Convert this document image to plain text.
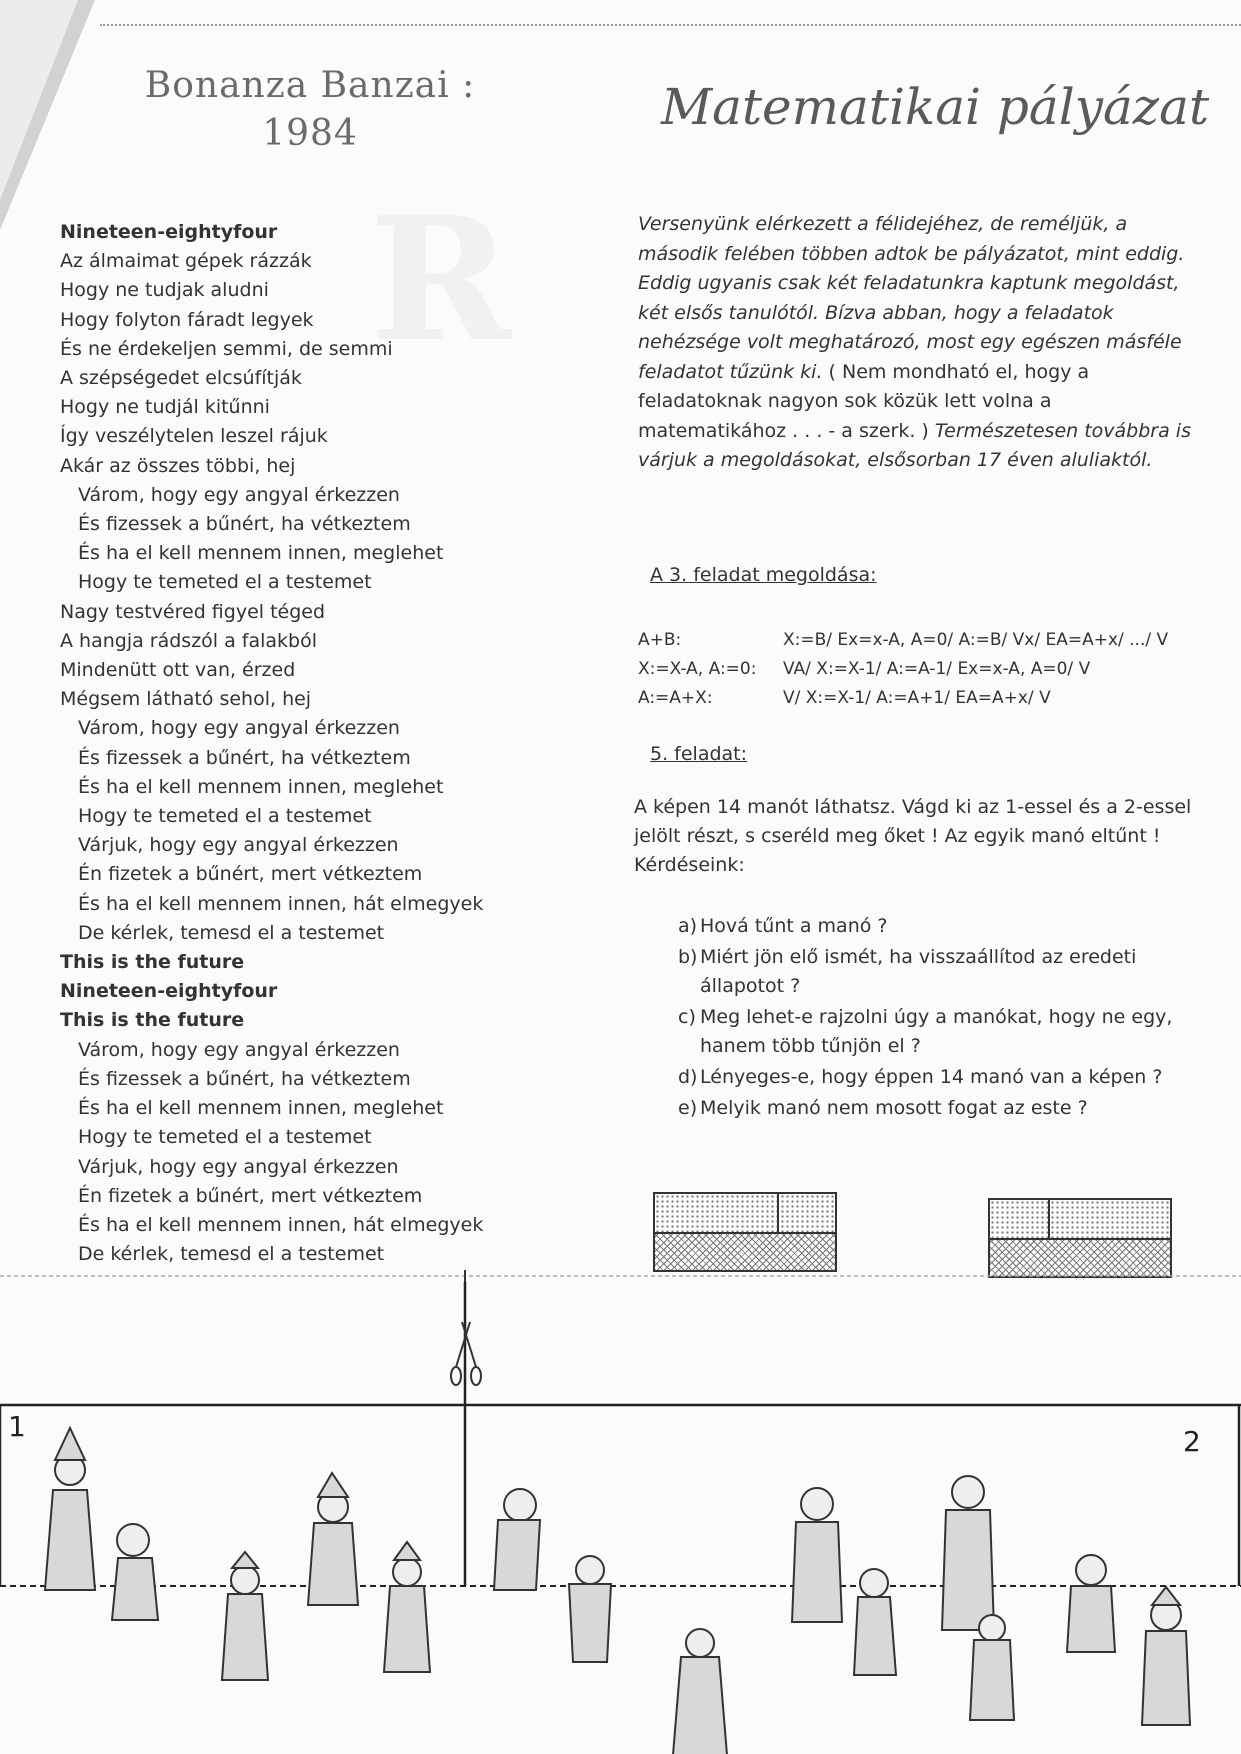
R
Bonanza Banzai :
1984	Matematikai pályázat
Nineteen-eightyfour
Az álmaimat gépek rázzák
Hogy ne tudjak aludni
Hogy folyton fáradt legyek
És ne érdekeljen semmi, de semmi
A szépségedet elcsúfítják
Hogy ne tudjál kitűnni
Így veszélytelen leszel rájuk
Akár az összes többi, hej
Várom, hogy egy angyal érkezzen
És fizessek a bűnért, ha vétkeztem
És ha el kell mennem innen, meglehet
Hogy te temeted el a testemet
Nagy testvéred figyel téged
A hangja rádszól a falakból
Mindenütt ott van, érzed
Mégsem látható sehol, hej
Várom, hogy egy angyal érkezzen
És fizessek a bűnért, ha vétkeztem
És ha el kell mennem innen, meglehet
Hogy te temeted el a testemet
Várjuk, hogy egy angyal érkezzen
Én fizetek a bűnért, mert vétkeztem
És ha el kell mennem innen, hát elmegyek
De kérlek, temesd el a testemet
This is the future
Nineteen-eightyfour
This is the future
Várom, hogy egy angyal érkezzen
És fizessek a bűnért, ha vétkeztem
És ha el kell mennem innen, meglehet
Hogy te temeted el a testemet
Várjuk, hogy egy angyal érkezzen
Én fizetek a bűnért, mert vétkeztem
És ha el kell mennem innen, hát elmegyek
De kérlek, temesd el a testemet

Versenyünk elérkezett a félidejéhez, de reméljük, a második felében többen adtok be pályázatot, mint eddig. Eddig ugyanis csak két feladatunkra kaptunk megoldást, két elsős tanulótól. Bízva abban, hogy a feladatok nehézsége volt meghatározó, most egy egészen másféle feladatot tűzünk ki. ( Nem mondható el, hogy a feladatoknak nagyon sok közük lett volna a matematikához . . . - a szerk. ) Természetesen továbbra is várjuk a megoldásokat, elsősorban 17 éven aluliaktól.

A 3. feladat megoldása:
A+B:	X:=B/ Ex=x-A, A=0/ A:=B/ Vx/ EA=A+x/ .../ V
X:=X-A, A:=0:	VA/ X:=X-1/ A:=A-1/ Ex=x-A, A=0/ V
A:=A+X:	V/ X:=X-1/ A:=A+1/ EA=A+x/ V
5. feladat:

A képen 14 manót láthatsz. Vágd ki az 1-essel és a 2-essel jelölt részt, s cseréld meg őket ! Az egyik manó eltűnt ! Kérdéseink:

a) Hová tűnt a manó ?
b) Miért jön elő ismét, ha visszaállítod az eredeti állapotot ?
c) Meg lehet-e rajzolni úgy a manókat, hogy ne egy, hanem több tűnjön el ?
d) Lényeges-e, hogy éppen 14 manó van a képen ?
e) Melyik manó nem mosott fogat az este ?
1	2
